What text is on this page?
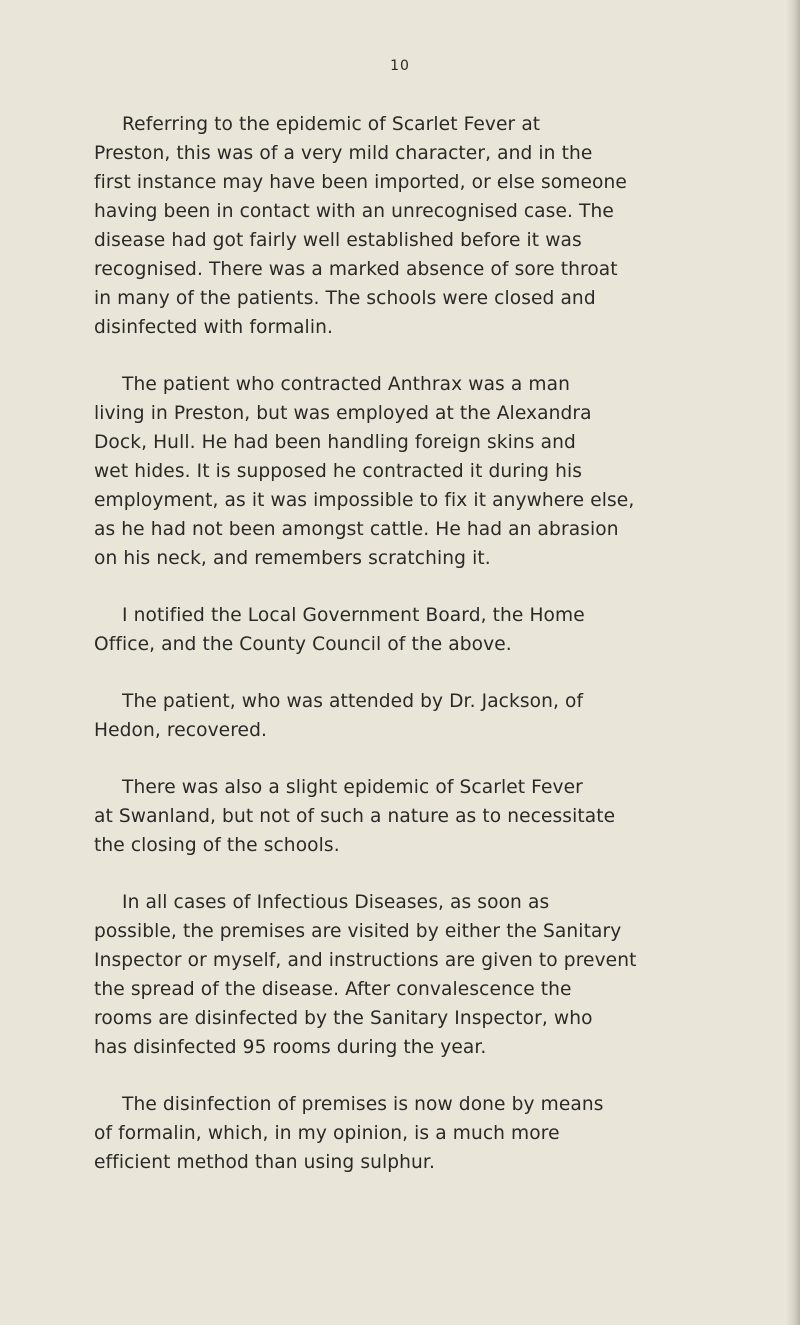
10

Referring to the epidemic of Scarlet Fever at
Preston, this was of a very mild character, and in the
first instance may have been imported, or else someone
having been in contact with an unrecognised case. The
disease had got fairly well established before it was
recognised. There was a marked absence of sore throat
in many of the patients. The schools were closed and
disinfected with formalin.

The patient who contracted Anthrax was a man
living in Preston, but was employed at the Alexandra
Dock, Hull. He had been handling foreign skins and
wet hides. It is supposed he contracted it during his
employment, as it was impossible to fix it anywhere else,
as he had not been amongst cattle. He had an abrasion
on his neck, and remembers scratching it.

I notified the Local Government Board, the Home
Office, and the County Council of the above.

The patient, who was attended by Dr. Jackson, of
Hedon, recovered.

There was also a slight epidemic of Scarlet Fever
at Swanland, but not of such a nature as to necessitate
the closing of the schools.

In all cases of Infectious Diseases, as soon as
possible, the premises are visited by either the Sanitary
Inspector or myself, and instructions are given to prevent
the spread of the disease. After convalescence the
rooms are disinfected by the Sanitary Inspector, who
has disinfected 95 rooms during the year.

The disinfection of premises is now done by means
of formalin, which, in my opinion, is a much more
efficient method than using sulphur.
